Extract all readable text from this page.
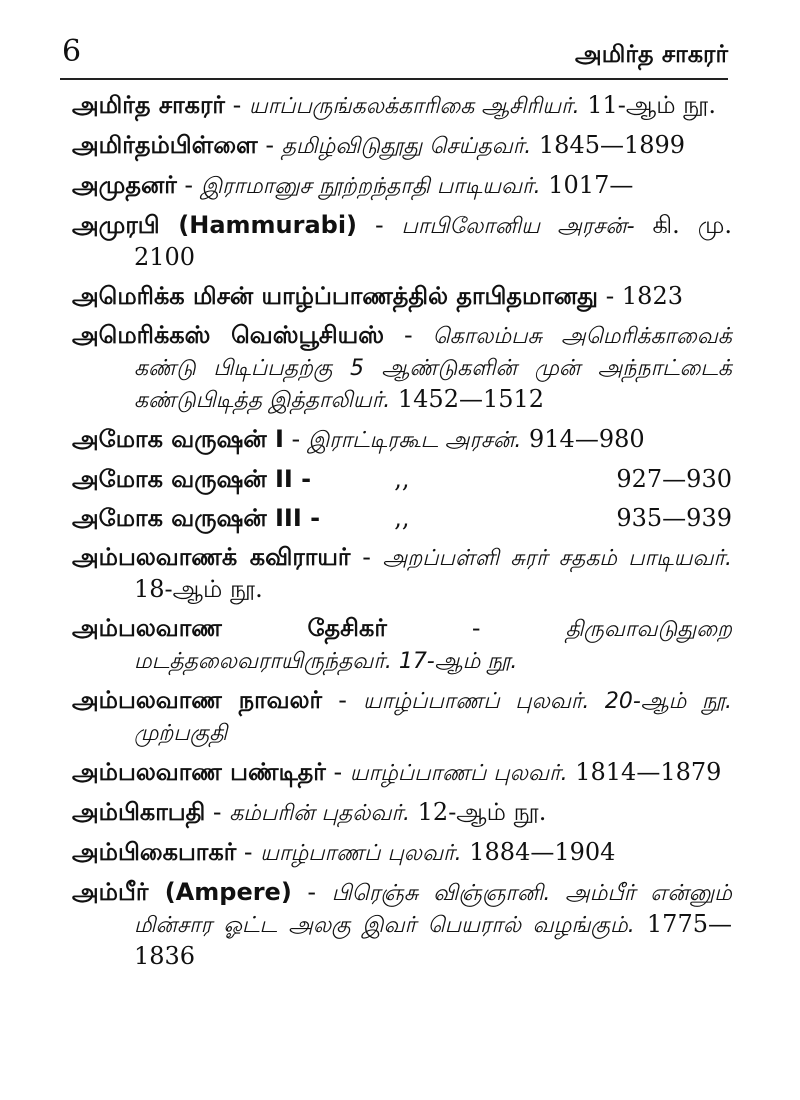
6	அமிர்த சாகரர்
அமிர்த சாகரர் - யாப்பருங்கலக்காரிகை ஆசிரியர். 11-ஆம் நூ.
அமிர்தம்பிள்ளை - தமிழ்விடுதூது செய்தவர். 1845—1899
அமுதனர் - இராமானுச நூற்றந்தாதி பாடியவர். 1017—
அமுரபி (Hammurabi) - பாபிலோனிய அரசன்- கி. மு. 2100
அமெரிக்க மிசன் யாழ்ப்பாணத்தில் தாபிதமானது - 1823
அமெரிக்கஸ் வெஸ்பூசியஸ் - கொலம்பசு அமெரிக்காவைக் கண்டு பிடிப்பதற்கு 5 ஆண்டுகளின் முன் அந்நாட்டைக் கண்டுபிடித்த இத்தாலியர். 1452—1512
அமோக வருஷன் I - இராட்டிரகூட அரசன். 914—980
அமோக வருஷன் II -	,,	927—930
அமோக வருஷன் III -	,,	935—939
அம்பலவாணக் கவிராயர் - அறப்பள்ளி சுரர் சதகம் பாடியவர். 18-ஆம் நூ.
அம்பலவாண தேசிகர் - திருவாவடுதுறை மடத்தலைவராயிருந்தவர். 17-ஆம் நூ.
அம்பலவாண நாவலர் - யாழ்ப்பாணப் புலவர். 20-ஆம் நூ. முற்பகுதி
அம்பலவாண பண்டிதர் - யாழ்ப்பாணப் புலவர். 1814—1879
அம்பிகாபதி - கம்பரின் புதல்வர். 12-ஆம் நூ.
அம்பிகைபாகர் - யாழ்பாணப் புலவர். 1884—1904
அம்பீர் (Ampere) - பிரெஞ்சு விஞ்ஞானி. அம்பீர் என்னும் மின்சார ஓட்ட அலகு இவர் பெயரால் வழங்கும். 1775—1836
